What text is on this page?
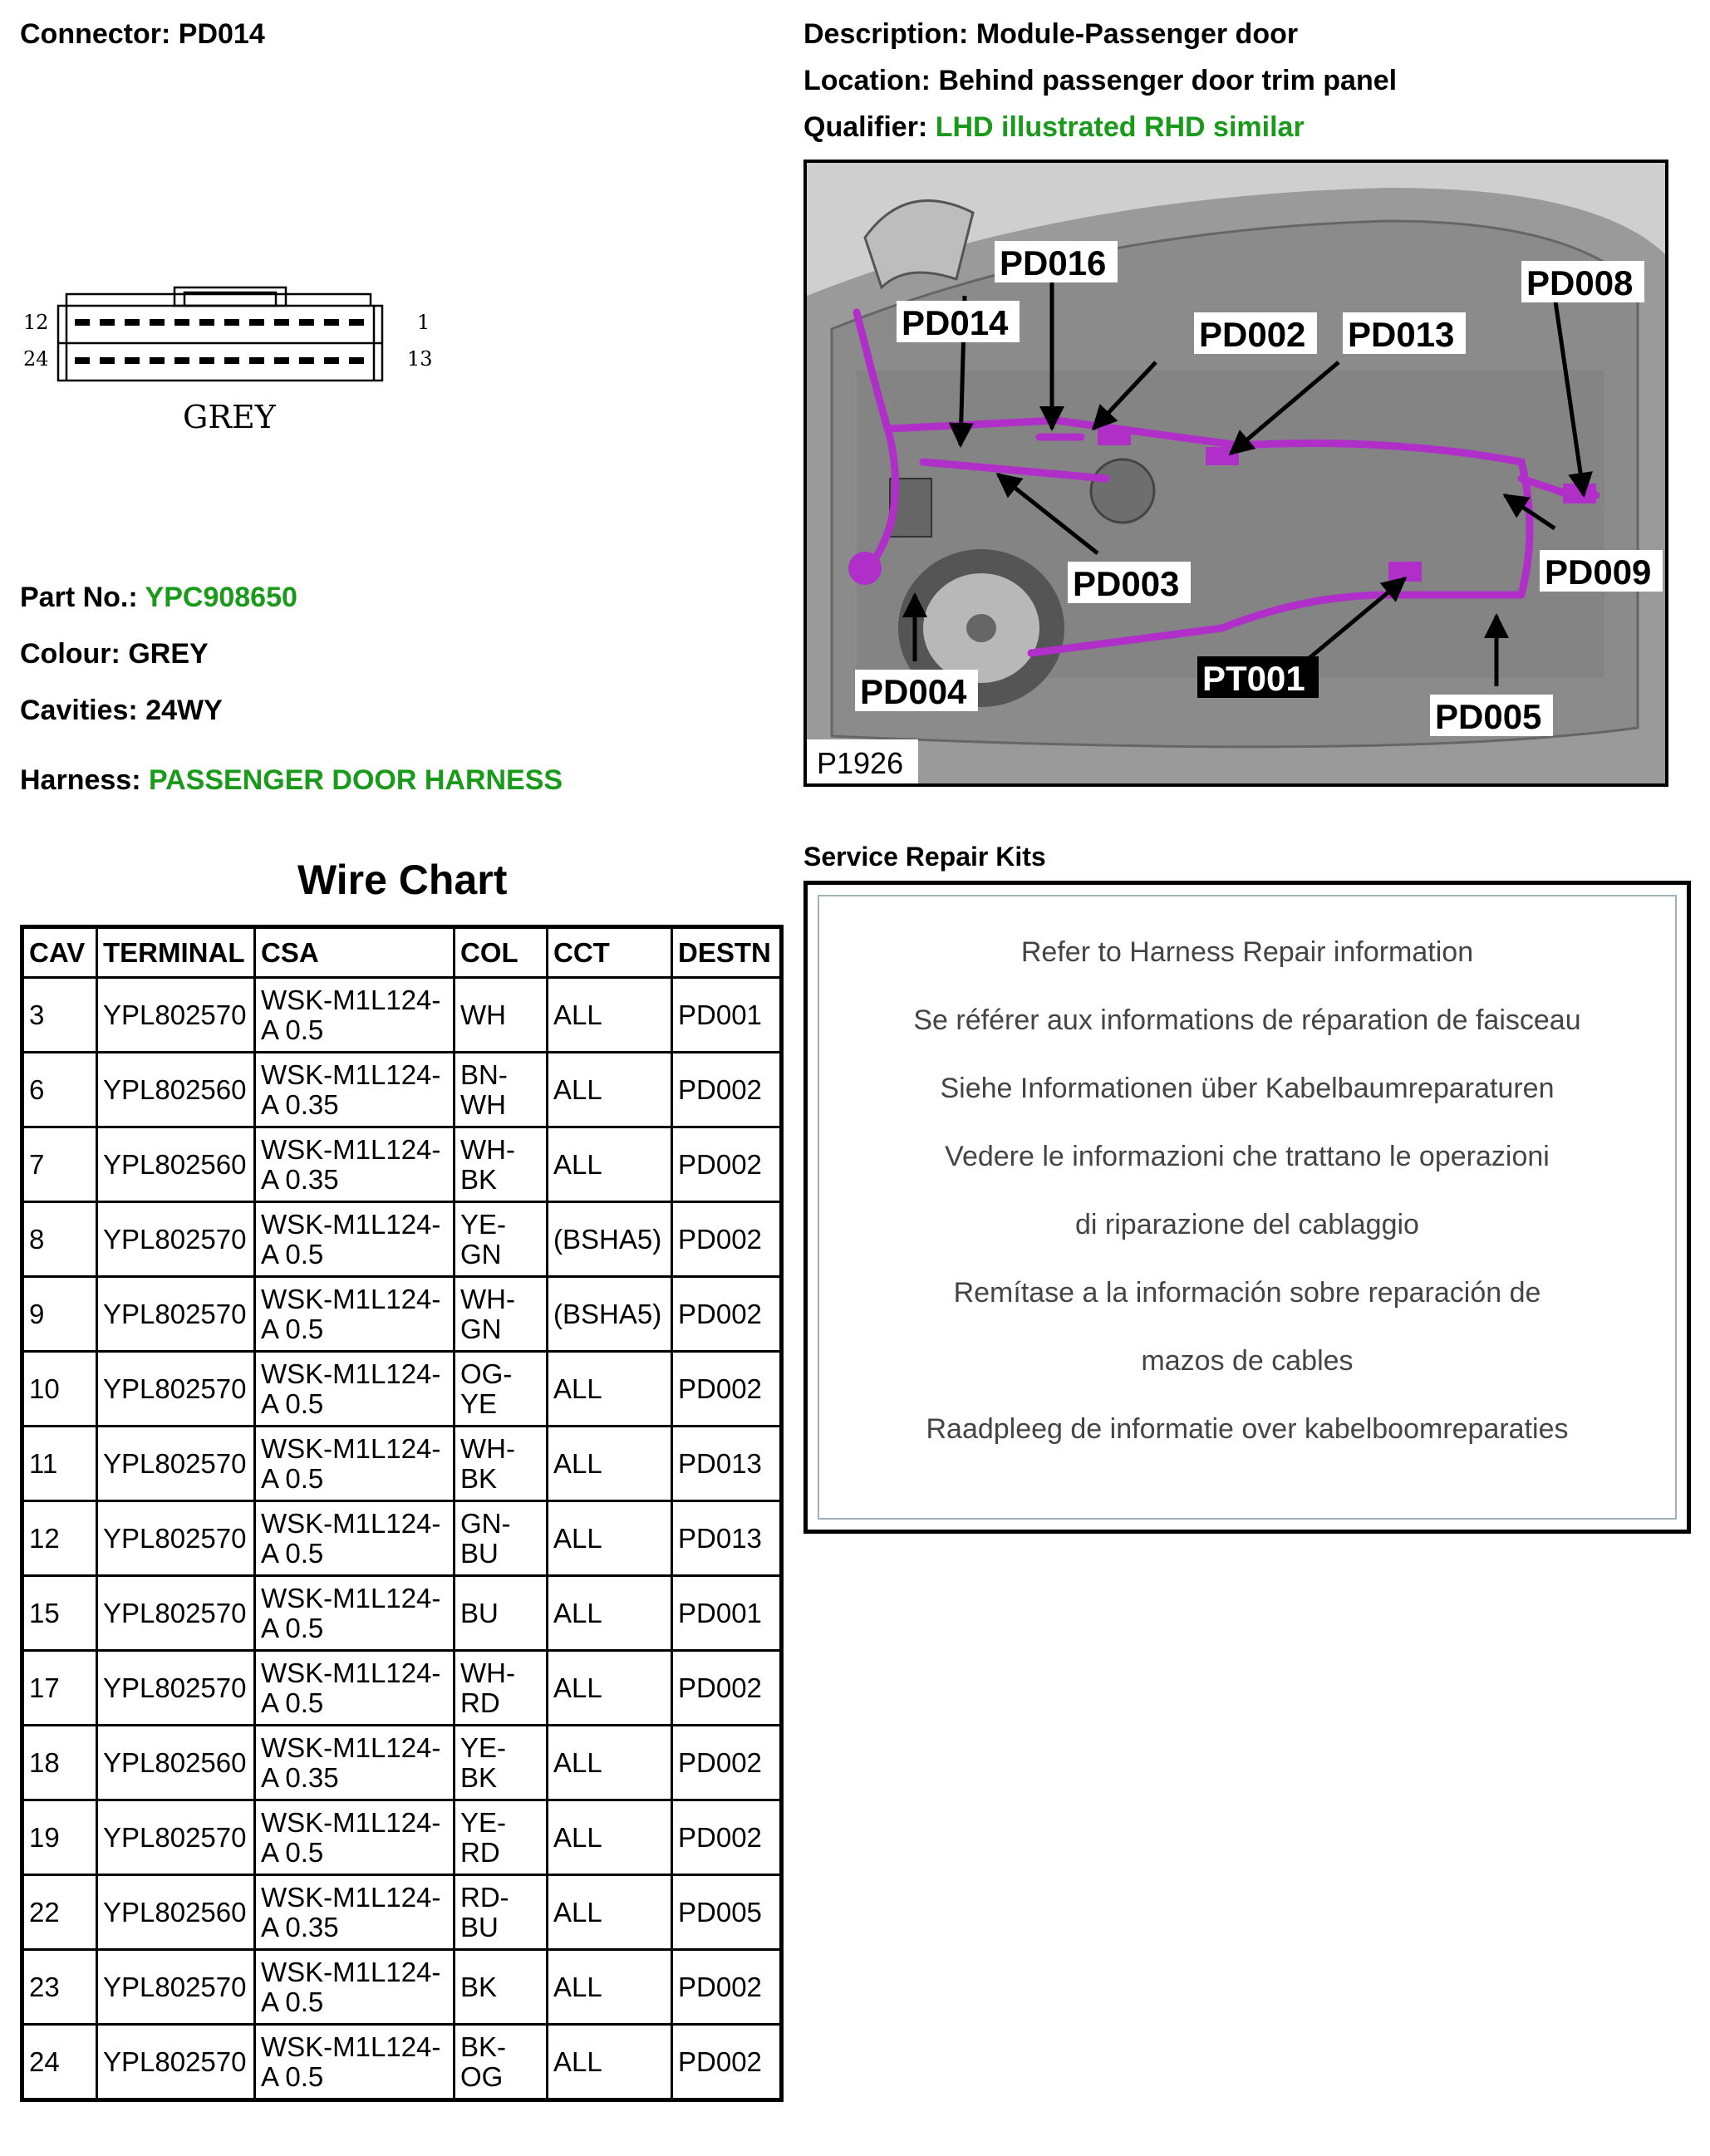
Connector: PD014	Description: Module-Passenger door
Location: Behind passenger door trim panel
Qualifier: LHD illustrated RHD similar
12
24
1
13
GREY
Part No.: YPC908650
Colour: GREY
Cavities: 24WY
Harness: PASSENGER DOOR HARNESS
PD016
PD008
PD014	PD002 PD013
PD003	PD009
PD004	PT001
PD005
P1926
Wire Chart
CAV	TERMINAL	CSA	COL	CCT	DESTN

3	YPL802570	WSK-M1L124-
A 0.5	WH	ALL	PD001

6	YPL802560	WSK-M1L124-
A 0.35	BN-
WH	ALL	PD002

7	YPL802560	WSK-M1L124-
A 0.35	WH-
BK	ALL	PD002

8	YPL802570	WSK-M1L124-
A 0.5	YE-
GN	(BSHA5)	PD002

9	YPL802570	WSK-M1L124-
A 0.5	WH-
GN	(BSHA5)	PD002

10	YPL802570	WSK-M1L124-
A 0.5	OG-
YE	ALL	PD002

11	YPL802570	WSK-M1L124-
A 0.5	WH-
BK	ALL	PD013

12	YPL802570	WSK-M1L124-
A 0.5	GN-
BU	ALL	PD013

15	YPL802570	WSK-M1L124-
A 0.5	BU	ALL	PD001

17	YPL802570	WSK-M1L124-
A 0.5	WH-
RD	ALL	PD002

18	YPL802560	WSK-M1L124-
A 0.35	YE-
BK	ALL	PD002

19	YPL802570	WSK-M1L124-
A 0.5	YE-
RD	ALL	PD002

22	YPL802560	WSK-M1L124-
A 0.35	RD-
BU	ALL	PD005

23	YPL802570	WSK-M1L124-
A 0.5	BK	ALL	PD002

24	YPL802570	WSK-M1L124-
A 0.5	BK-
OG	ALL	PD002
Service Repair Kits
Refer to Harness Repair information
Se référer aux informations de réparation de faisceau
Siehe Informationen über Kabelbaumreparaturen
Vedere le informazioni che trattano le operazioni
di riparazione del cablaggio
Remítase a la información sobre reparación de
mazos de cables
Raadpleeg de informatie over kabelboomreparaties
